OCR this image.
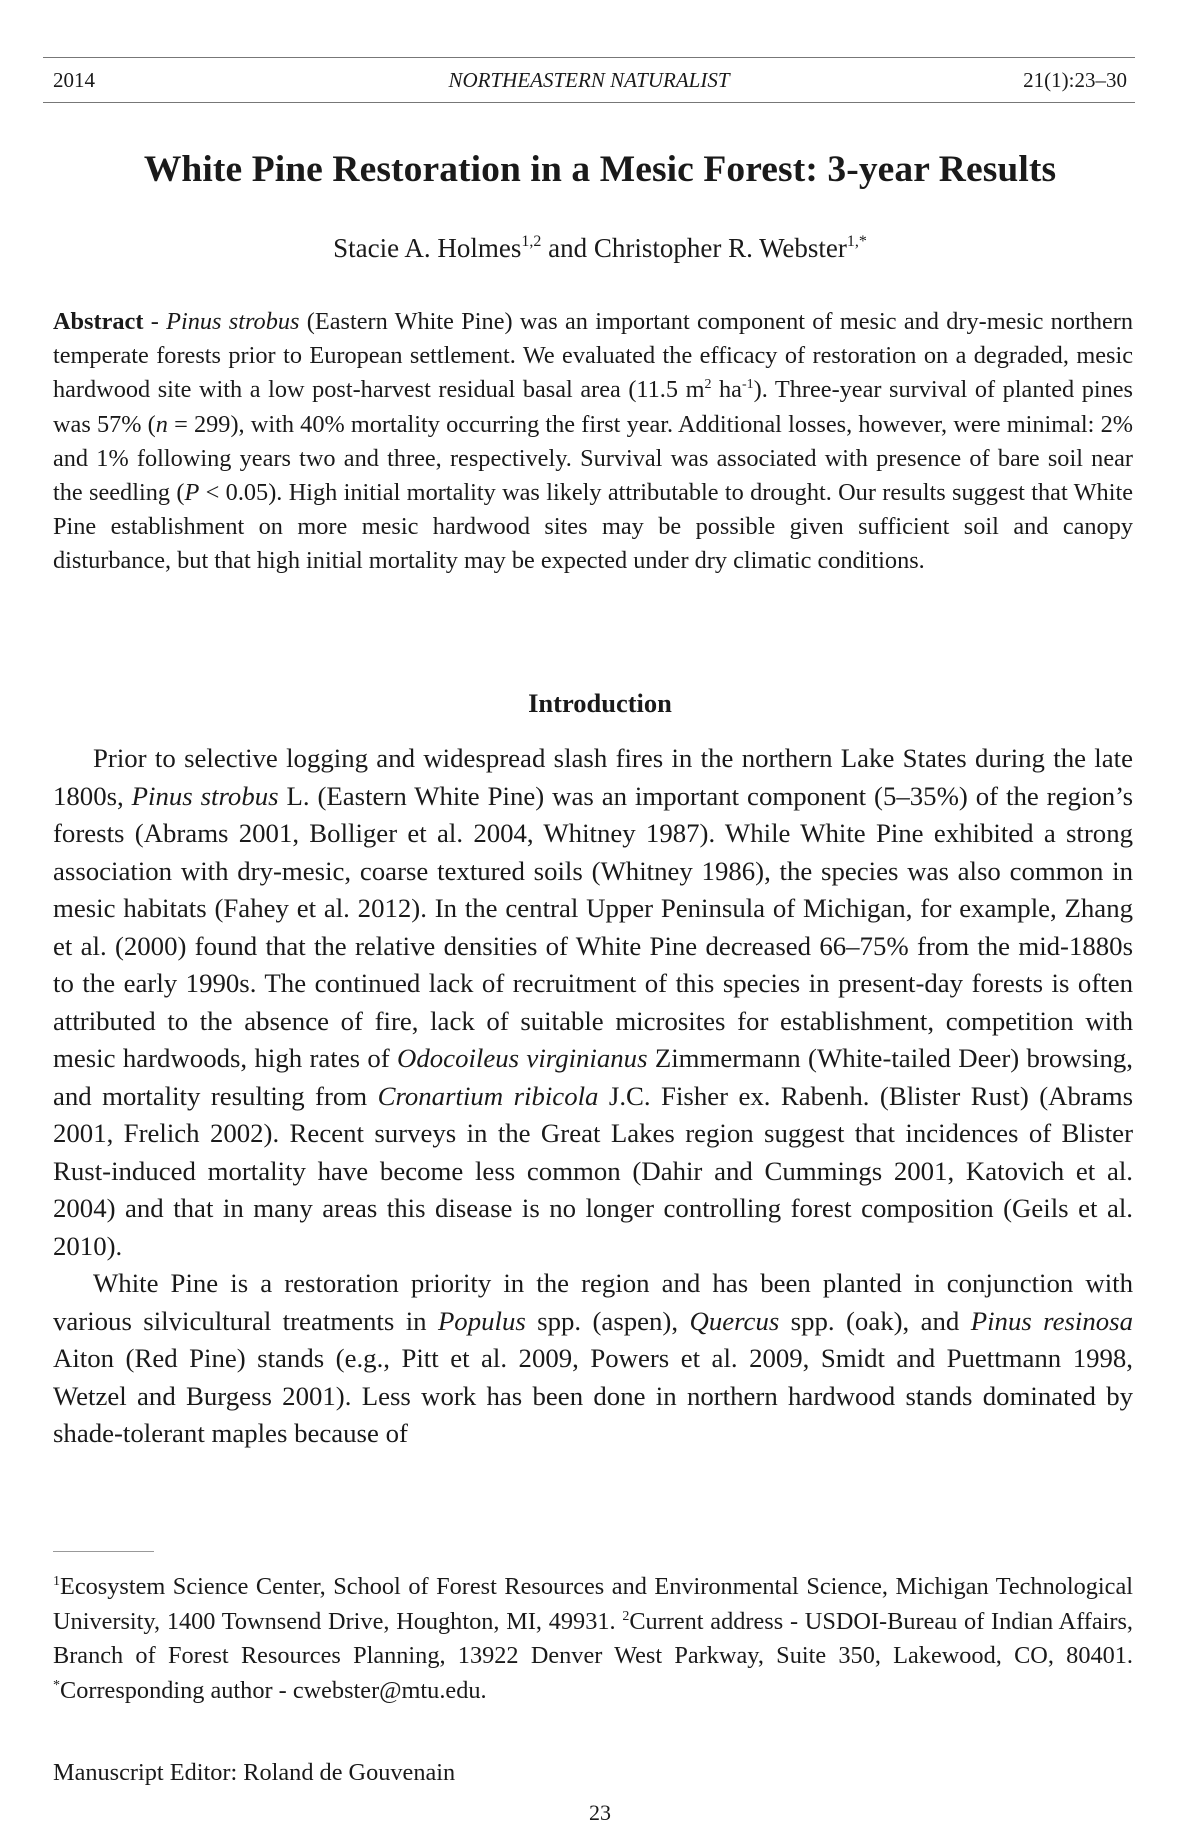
2014	NORTHEASTERN NATURALIST	21(1):23–30
White Pine Restoration in a Mesic Forest: 3-year Results
Stacie A. Holmes$^{1,2}$ and Christopher R. Webster$^{1,*}$

Abstract - Pinus strobus (Eastern White Pine) was an important component of mesic and dry-mesic northern temperate forests prior to European settlement. We evaluated the efficacy of restoration on a degraded, mesic hardwood site with a low post-harvest residual basal area (11.5 $m^2$ $ha^{-1}$). Three-year survival of planted pines was 57% (n = 299), with 40% mortality occurring the first year. Additional losses, however, were minimal: 2% and 1% following years two and three, respectively. Survival was associated with presence of bare soil near the seedling (P < 0.05). High initial mortality was likely attributable to drought. Our results suggest that White Pine establishment on more mesic hardwood sites may be possible given sufficient soil and canopy disturbance, but that high initial mortality may be expected under dry climatic conditions.

Introduction

Prior to selective logging and widespread slash fires in the northern Lake States during the late 1800s, Pinus strobus L. (Eastern White Pine) was an important component (5–35%) of the region’s forests (Abrams 2001, Bolliger et al. 2004, Whitney 1987). While White Pine exhibited a strong association with dry-mesic, coarse textured soils (Whitney 1986), the species was also common in mesic habitats (Fahey et al. 2012). In the central Upper Peninsula of Michigan, for example, Zhang et al. (2000) found that the relative densities of White Pine decreased 66–75% from the mid-1880s to the early 1990s. The continued lack of recruitment of this species in present-day forests is often attributed to the absence of fire, lack of suitable microsites for establishment, competition with mesic hardwoods, high rates of Odocoileus virginianus Zimmermann (White-tailed Deer) browsing, and mortality resulting from Cronartium ribicola J.C. Fisher ex. Rabenh. (Blister Rust) (Abrams 2001, Frelich 2002). Recent surveys in the Great Lakes region suggest that incidences of Blister Rust-induced mortality have become less common (Dahir and Cummings 2001, Katovich et al. 2004) and that in many areas this disease is no longer controlling forest composition (Geils et al. 2010).

White Pine is a restoration priority in the region and has been planted in conjunction with various silvicultural treatments in Populus spp. (aspen), Quercus spp. (oak), and Pinus resinosa Aiton (Red Pine) stands (e.g., Pitt et al. 2009, Powers et al. 2009, Smidt and Puettmann 1998, Wetzel and Burgess 2001). Less work has been done in northern hardwood stands dominated by shade-tolerant maples because of

$^1$Ecosystem Science Center, School of Forest Resources and Environmental Science, Michigan Technological University, 1400 Townsend Drive, Houghton, MI, 49931. $^2$Current address - USDOI-Bureau of Indian Affairs, Branch of Forest Resources Planning, 13922 Denver West Parkway, Suite 350, Lakewood, CO, 80401. *Corresponding author - cwebster@mtu.edu.

Manuscript Editor: Roland de Gouvenain
23
